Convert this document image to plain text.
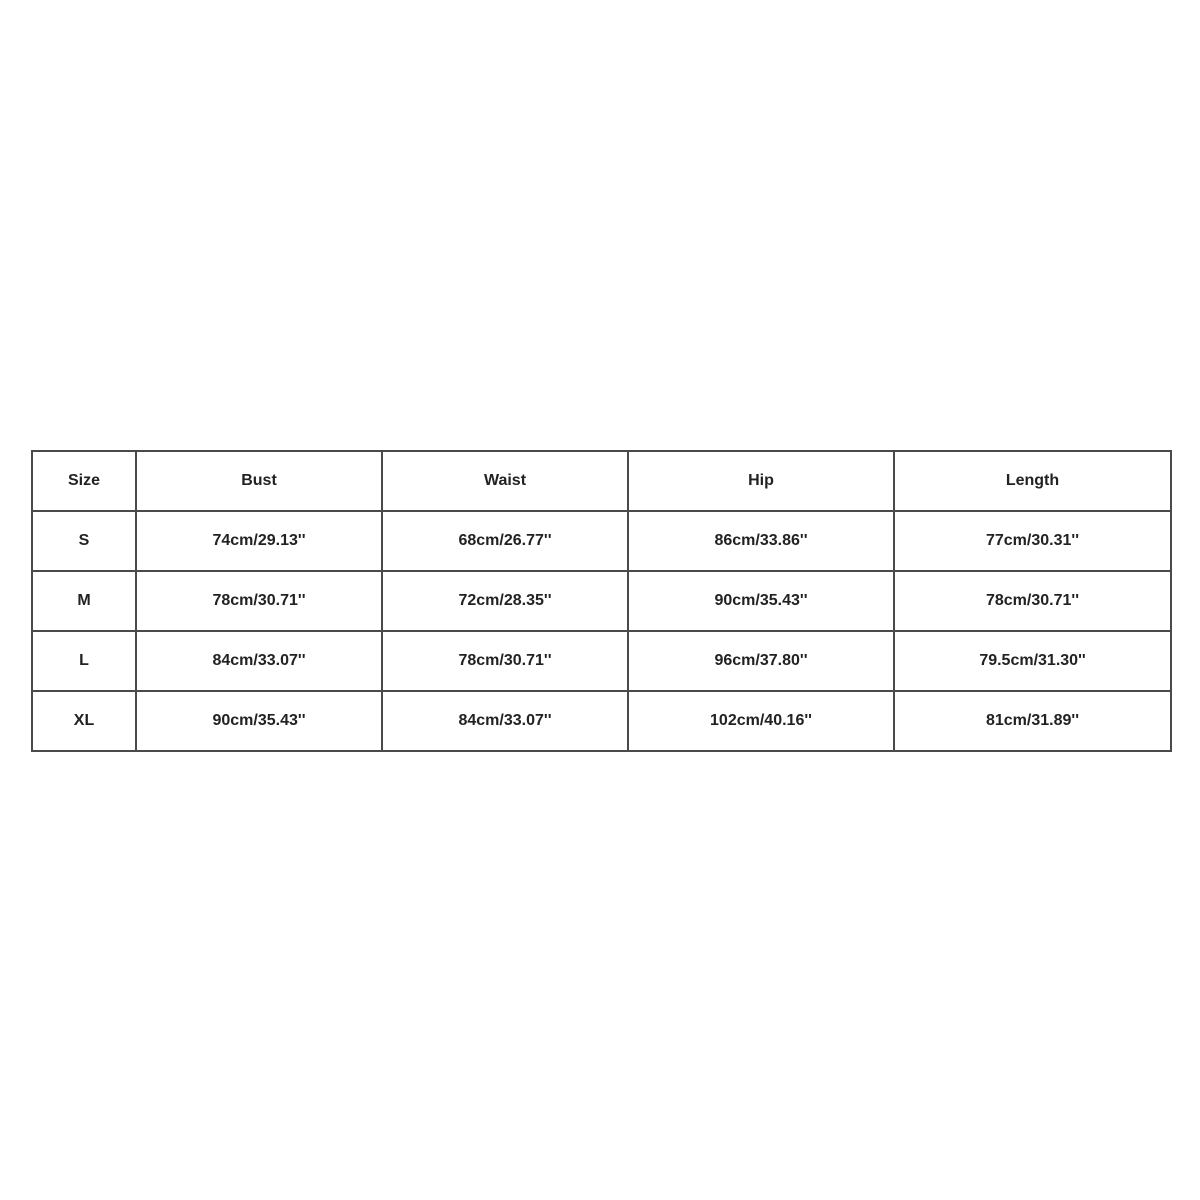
Size	Bust	Waist	Hip	Length
S	74cm/29.13''	68cm/26.77''	86cm/33.86''	77cm/30.31''
M	78cm/30.71''	72cm/28.35''	90cm/35.43''	78cm/30.71''
L	84cm/33.07''	78cm/30.71''	96cm/37.80''	79.5cm/31.30''
XL	90cm/35.43''	84cm/33.07''	102cm/40.16''	81cm/31.89''
